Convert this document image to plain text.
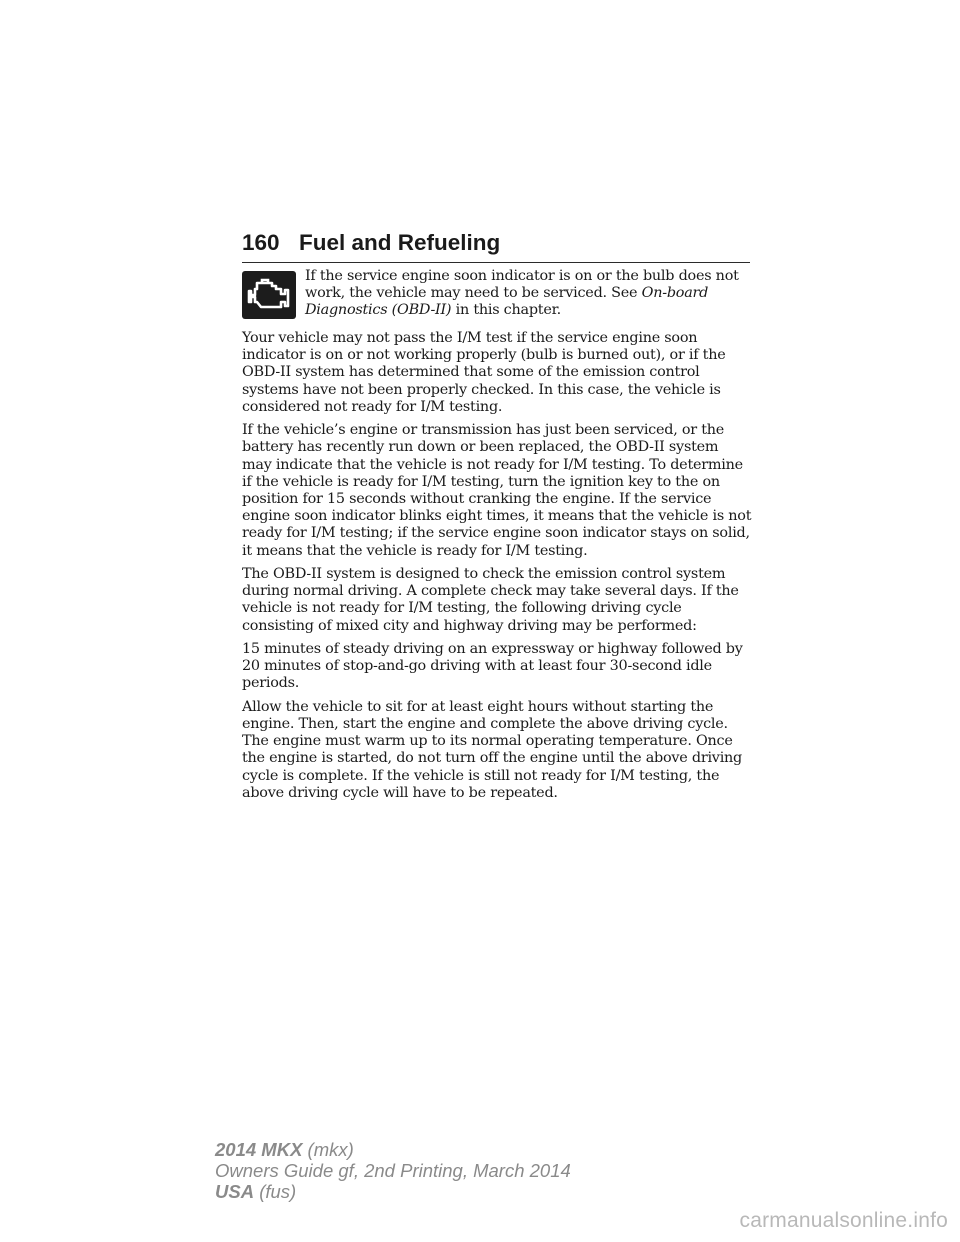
160 Fuel and Refueling
If the service engine soon indicator is on or the bulb does not work, the vehicle may need to be serviced. See On-board Diagnostics (OBD-II) in this chapter.

Your vehicle may not pass the I/M test if the service engine soon indicator is on or not working properly (bulb is burned out), or if the OBD-II system has determined that some of the emission control systems have not been properly checked. In this case, the vehicle is considered not ready for I/M testing.

If the vehicle’s engine or transmission has just been serviced, or the battery has recently run down or been replaced, the OBD-II system may indicate that the vehicle is not ready for I/M testing. To determine if the vehicle is ready for I/M testing, turn the ignition key to the on position for 15 seconds without cranking the engine. If the service engine soon indicator blinks eight times, it means that the vehicle is not ready for I/M testing; if the service engine soon indicator stays on solid, it means that the vehicle is ready for I/M testing.

The OBD-II system is designed to check the emission control system during normal driving. A complete check may take several days. If the vehicle is not ready for I/M testing, the following driving cycle consisting of mixed city and highway driving may be performed:

15 minutes of steady driving on an expressway or highway followed by 20 minutes of stop-and-go driving with at least four 30-second idle periods.

Allow the vehicle to sit for at least eight hours without starting the engine. Then, start the engine and complete the above driving cycle. The engine must warm up to its normal operating temperature. Once the engine is started, do not turn off the engine until the above driving cycle is complete. If the vehicle is still not ready for I/M testing, the above driving cycle will have to be repeated.

2014 MKX (mkx)
Owners Guide gf, 2nd Printing, March 2014
USA (fus)
carmanualsonline.info
